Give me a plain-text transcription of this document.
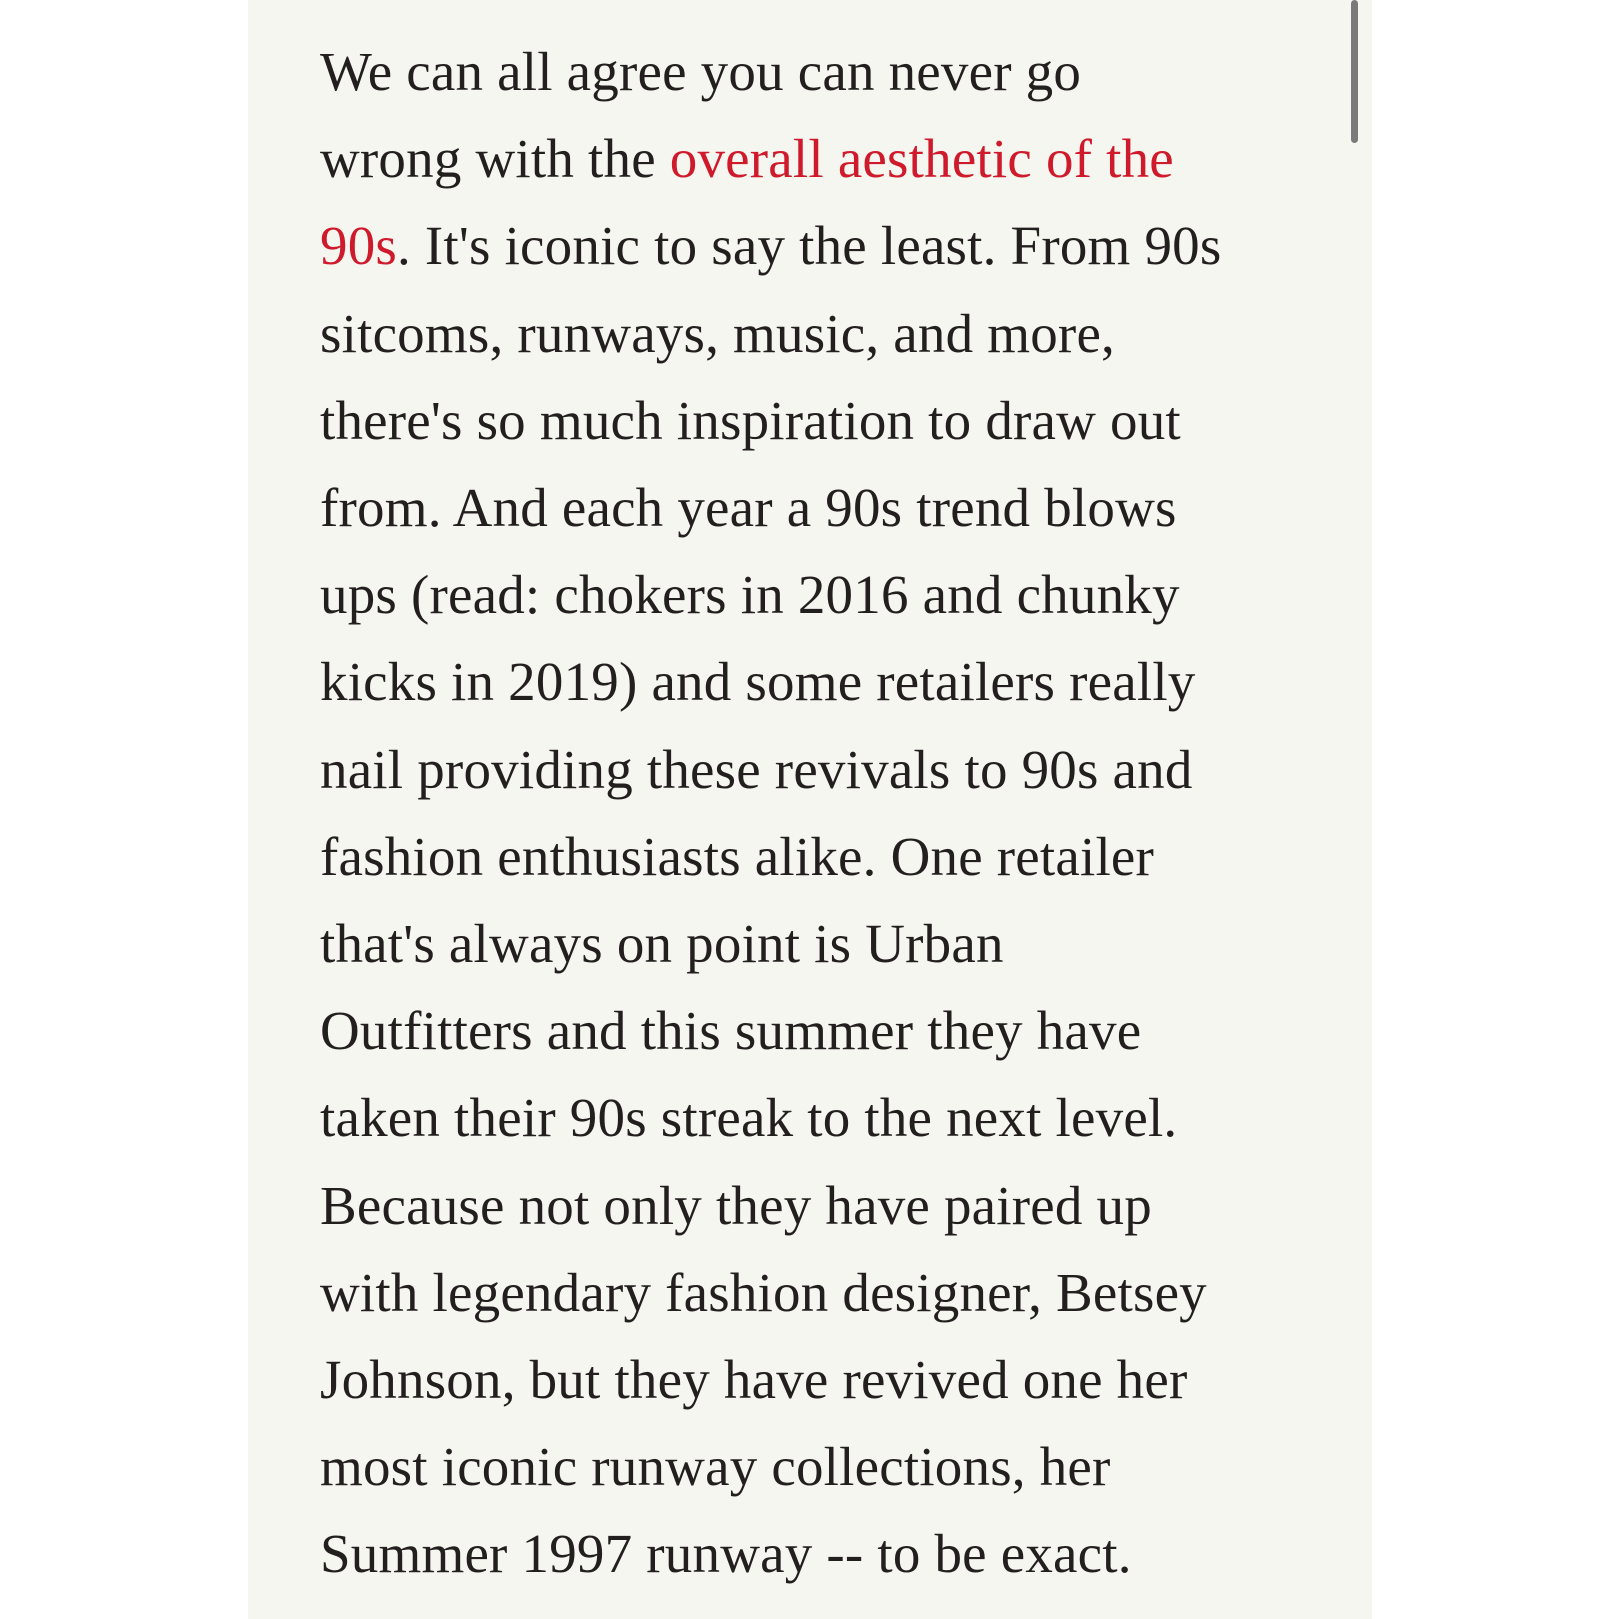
We can all agree you can never go
wrong with the overall aesthetic of the
90s. It's iconic to say the least. From 90s
sitcoms, runways, music, and more,
there's so much inspiration to draw out
from. And each year a 90s trend blows
ups (read: chokers in 2016 and chunky
kicks in 2019) and some retailers really
nail providing these revivals to 90s and
fashion enthusiasts alike. One retailer
that's always on point is Urban
Outfitters and this summer they have
taken their 90s streak to the next level.
Because not only they have paired up
with legendary fashion designer, Betsey
Johnson, but they have revived one her
most iconic runway collections, her
Summer 1997 runway -- to be exact.
